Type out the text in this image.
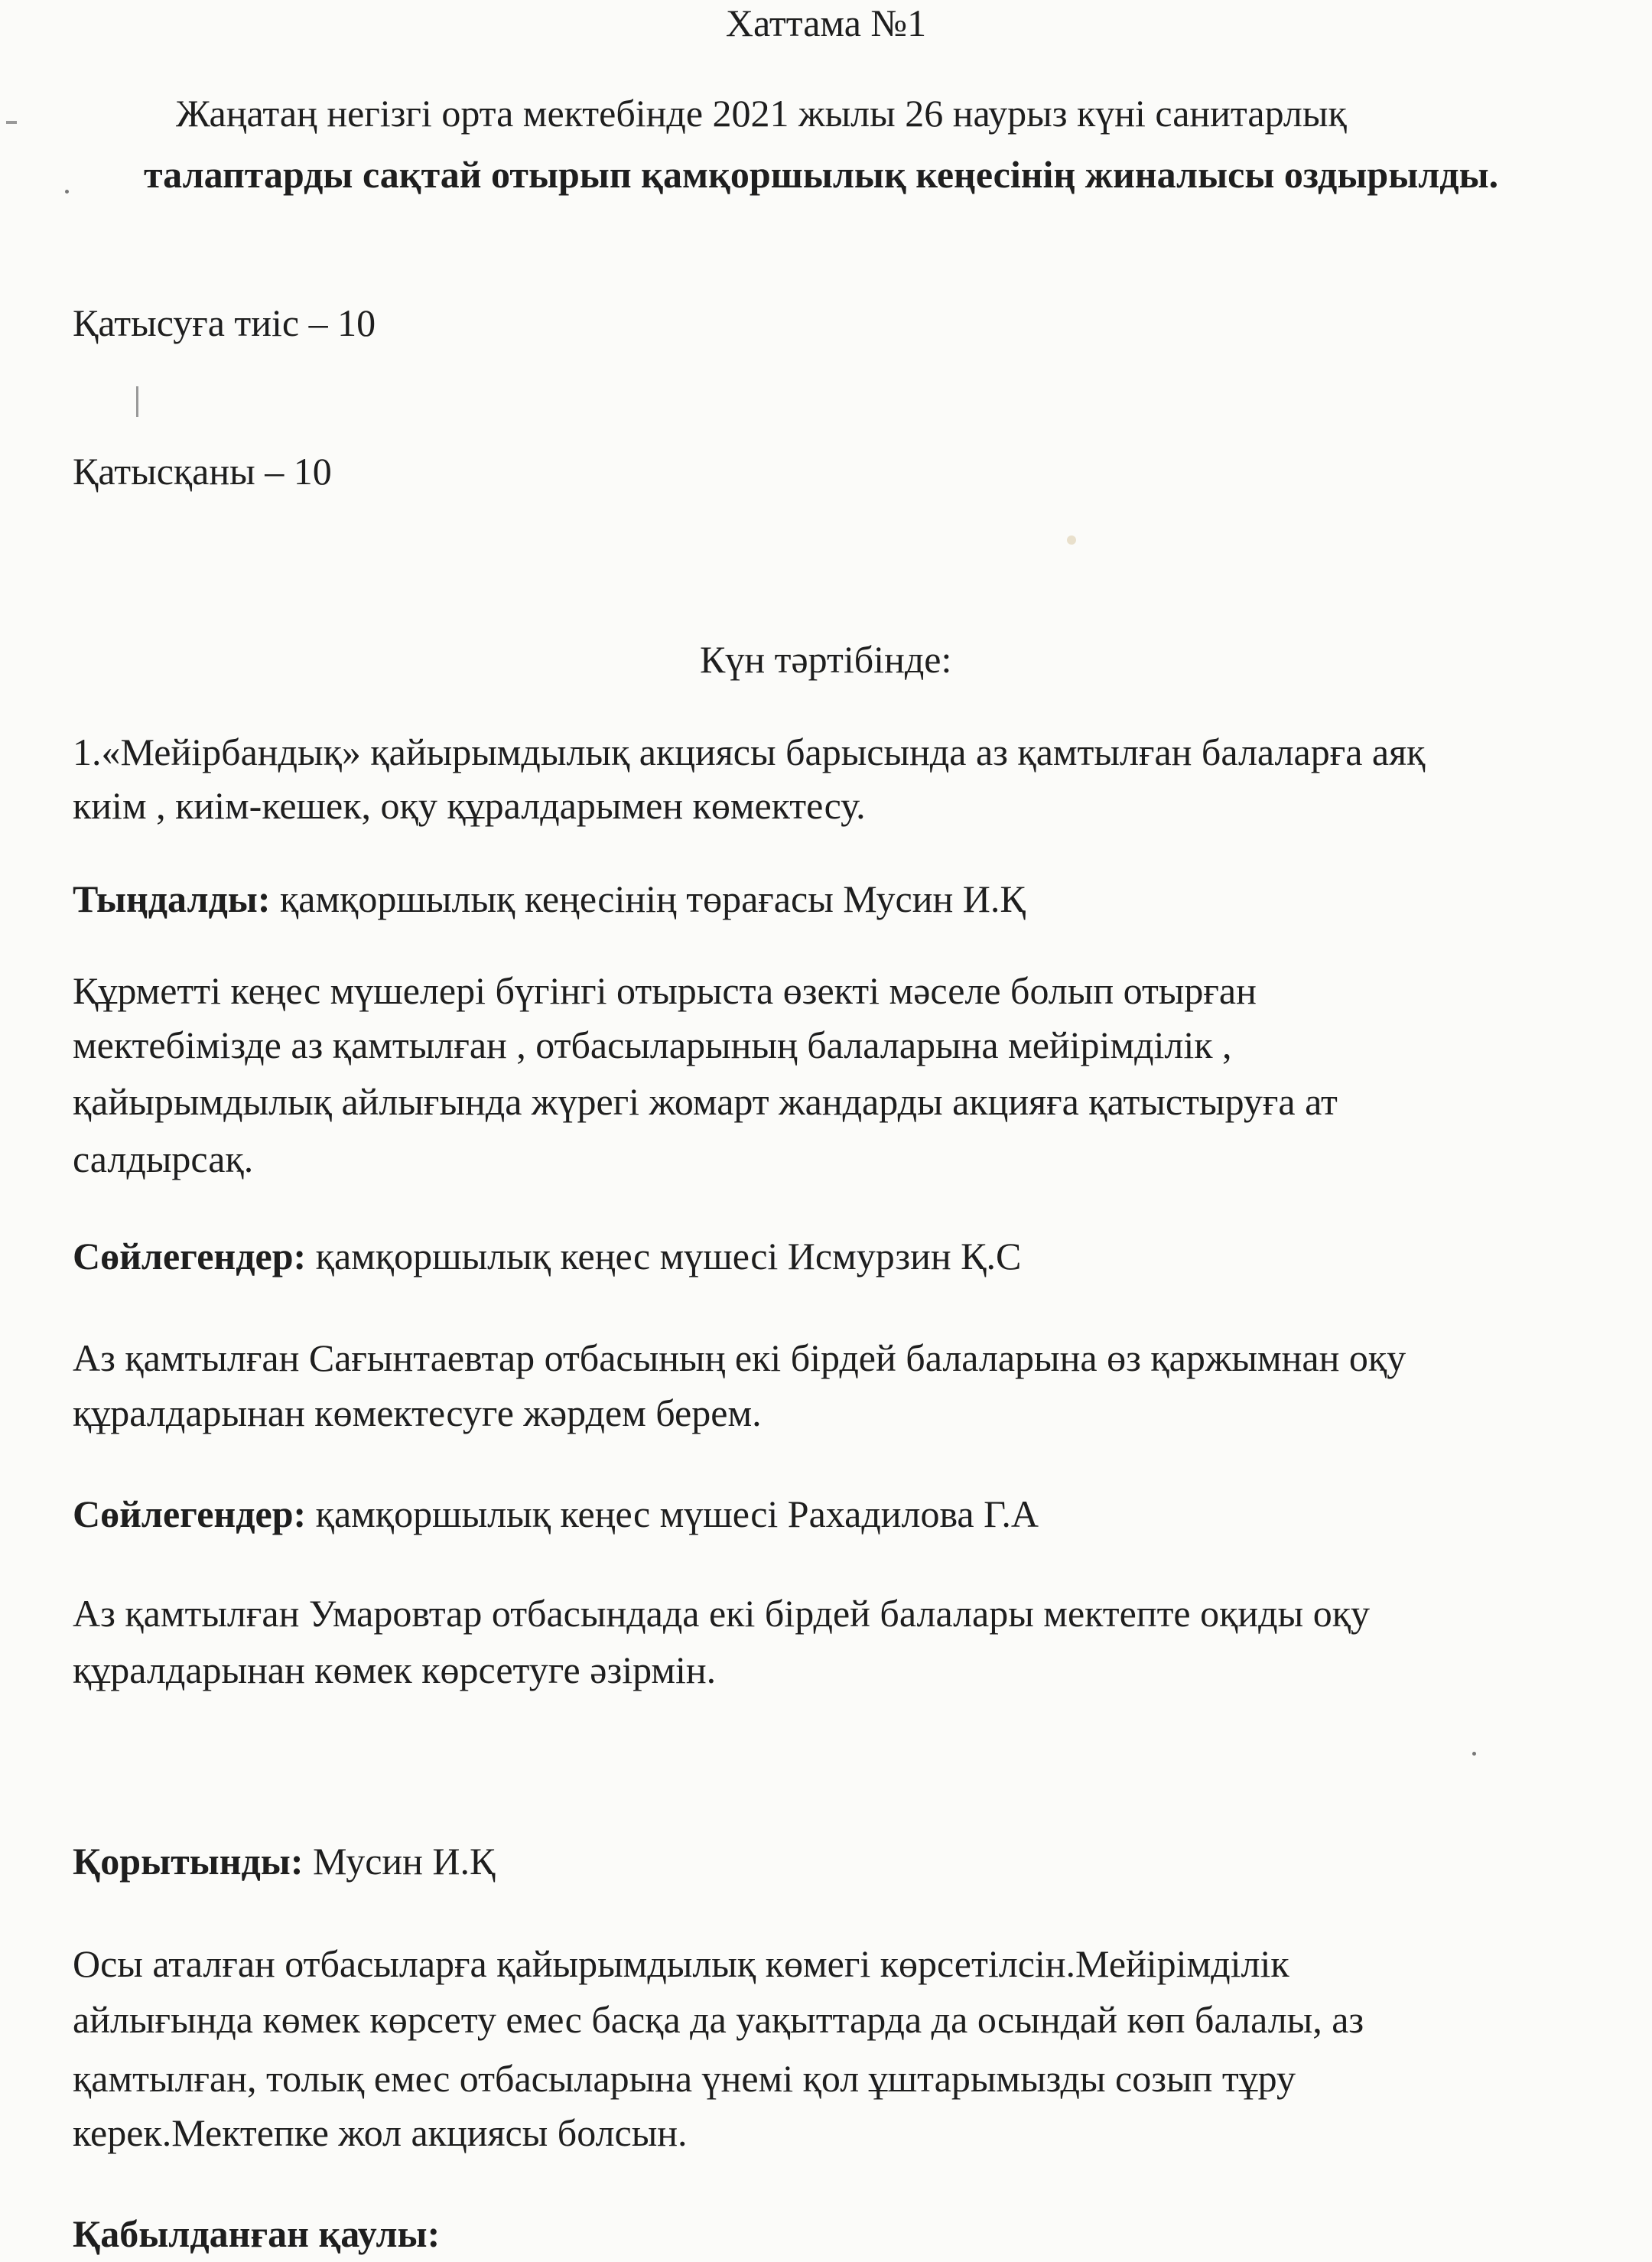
Хаттама №1
Жаңатаң негізгі орта мектебінде 2021 жылы 26 наурыз күні санитарлық
талаптарды сақтай отырып қамқоршылық кеңесінің жиналысы оздырылды.
Қатысуға тиіс – 10
Қатысқаны – 10
Күн тәртібінде:
1.«Мейірбандық» қайырымдылық акциясы барысында аз қамтылған балаларға аяқ
киім , киім-кешек, оқу құралдарымен көмектесу.
Тыңдалды: қамқоршылық кеңесінің төрағасы Мусин И.Қ
Құрметті кеңес мүшелері бүгінгі отырыста өзекті мәселе болып отырған
мектебімізде аз қамтылған , отбасыларының балаларына мейірімділік ,
қайырымдылық айлығында жүрегі жомарт жандарды акцияға қатыстыруға ат
салдырсақ.
Сөйлегендер: қамқоршылық кеңес мүшесі Исмурзин Қ.С
Аз қамтылған Сағынтаевтар отбасының екі бірдей балаларына өз қаржымнан оқу
құралдарынан көмектесуге жәрдем берем.
Сөйлегендер: қамқоршылық кеңес мүшесі Рахадилова Г.А
Аз қамтылған Умаровтар отбасындада екі бірдей балалары мектепте оқиды оқу
құралдарынан көмек көрсетуге әзірмін.
Қорытынды: Мусин И.Қ
Осы аталған отбасыларға қайырымдылық көмегі көрсетілсін.Мейірімділік
айлығында көмек көрсету емес басқа да уақыттарда да осындай көп балалы, аз
қамтылған, толық емес отбасыларына үнемі қол ұштарымызды созып тұру
керек.Мектепке жол акциясы болсын.
Қабылданған қаулы:
